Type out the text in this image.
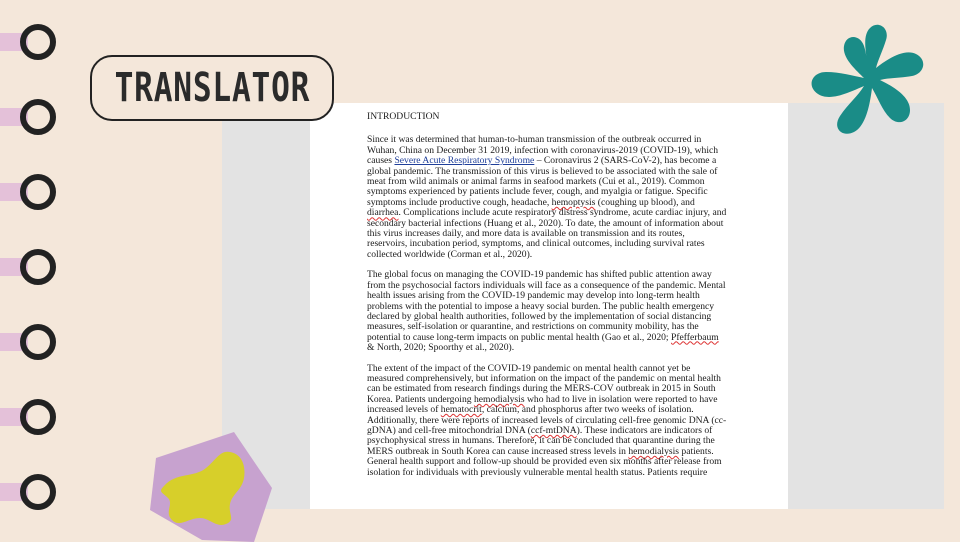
INTRODUCTION
Since it was determined that human-to-human transmission of the outbreak occurred in
Wuhan, China on December 31 2019, infection with coronavirus-2019 (COVID-19), which
causes Severe Acute Respiratory Syndrome – Coronavirus 2 (SARS-CoV-2), has become a
global pandemic. The transmission of this virus is believed to be associated with the sale of
meat from wild animals or animal farms in seafood markets (Cui et al., 2019). Common
symptoms experienced by patients include fever, cough, and myalgia or fatigue. Specific
symptoms include productive cough, headache, hemoptysis (coughing up blood), and
diarrhea. Complications include acute respiratory distress syndrome, acute cardiac injury, and
secondary bacterial infections (Huang et al., 2020). To date, the amount of information about
this virus increases daily, and more data is available on transmission and its routes,
reservoirs, incubation period, symptoms, and clinical outcomes, including survival rates
collected worldwide (Corman et al., 2020).
The global focus on managing the COVID-19 pandemic has shifted public attention away
from the psychosocial factors individuals will face as a consequence of the pandemic. Mental
health issues arising from the COVID-19 pandemic may develop into long-term health
problems with the potential to impose a heavy social burden. The public health emergency
declared by global health authorities, followed by the implementation of social distancing
measures, self-isolation or quarantine, and restrictions on community mobility, has the
potential to cause long-term impacts on public mental health (Gao et al., 2020; Pfefferbaum
& North, 2020; Spoorthy et al., 2020).
The extent of the impact of the COVID-19 pandemic on mental health cannot yet be
measured comprehensively, but information on the impact of the pandemic on mental health
can be estimated from research findings during the MERS-COV outbreak in 2015 in South
Korea. Patients undergoing hemodialysis who had to live in isolation were reported to have
increased levels of hematocrit, calcium, and phosphorus after two weeks of isolation.
Additionally, there were reports of increased levels of circulating cell-free genomic DNA (cc-
gDNA) and cell-free mitochondrial DNA (ccf-mtDNA). These indicators are indicators of
psychophysical stress in humans. Therefore, it can be concluded that quarantine during the
MERS outbreak in South Korea can cause increased stress levels in hemodialysis patients.
General health support and follow-up should be provided even six months after release from
isolation for individuals with previously vulnerable mental health status. Patients require
TRANSLATOR
